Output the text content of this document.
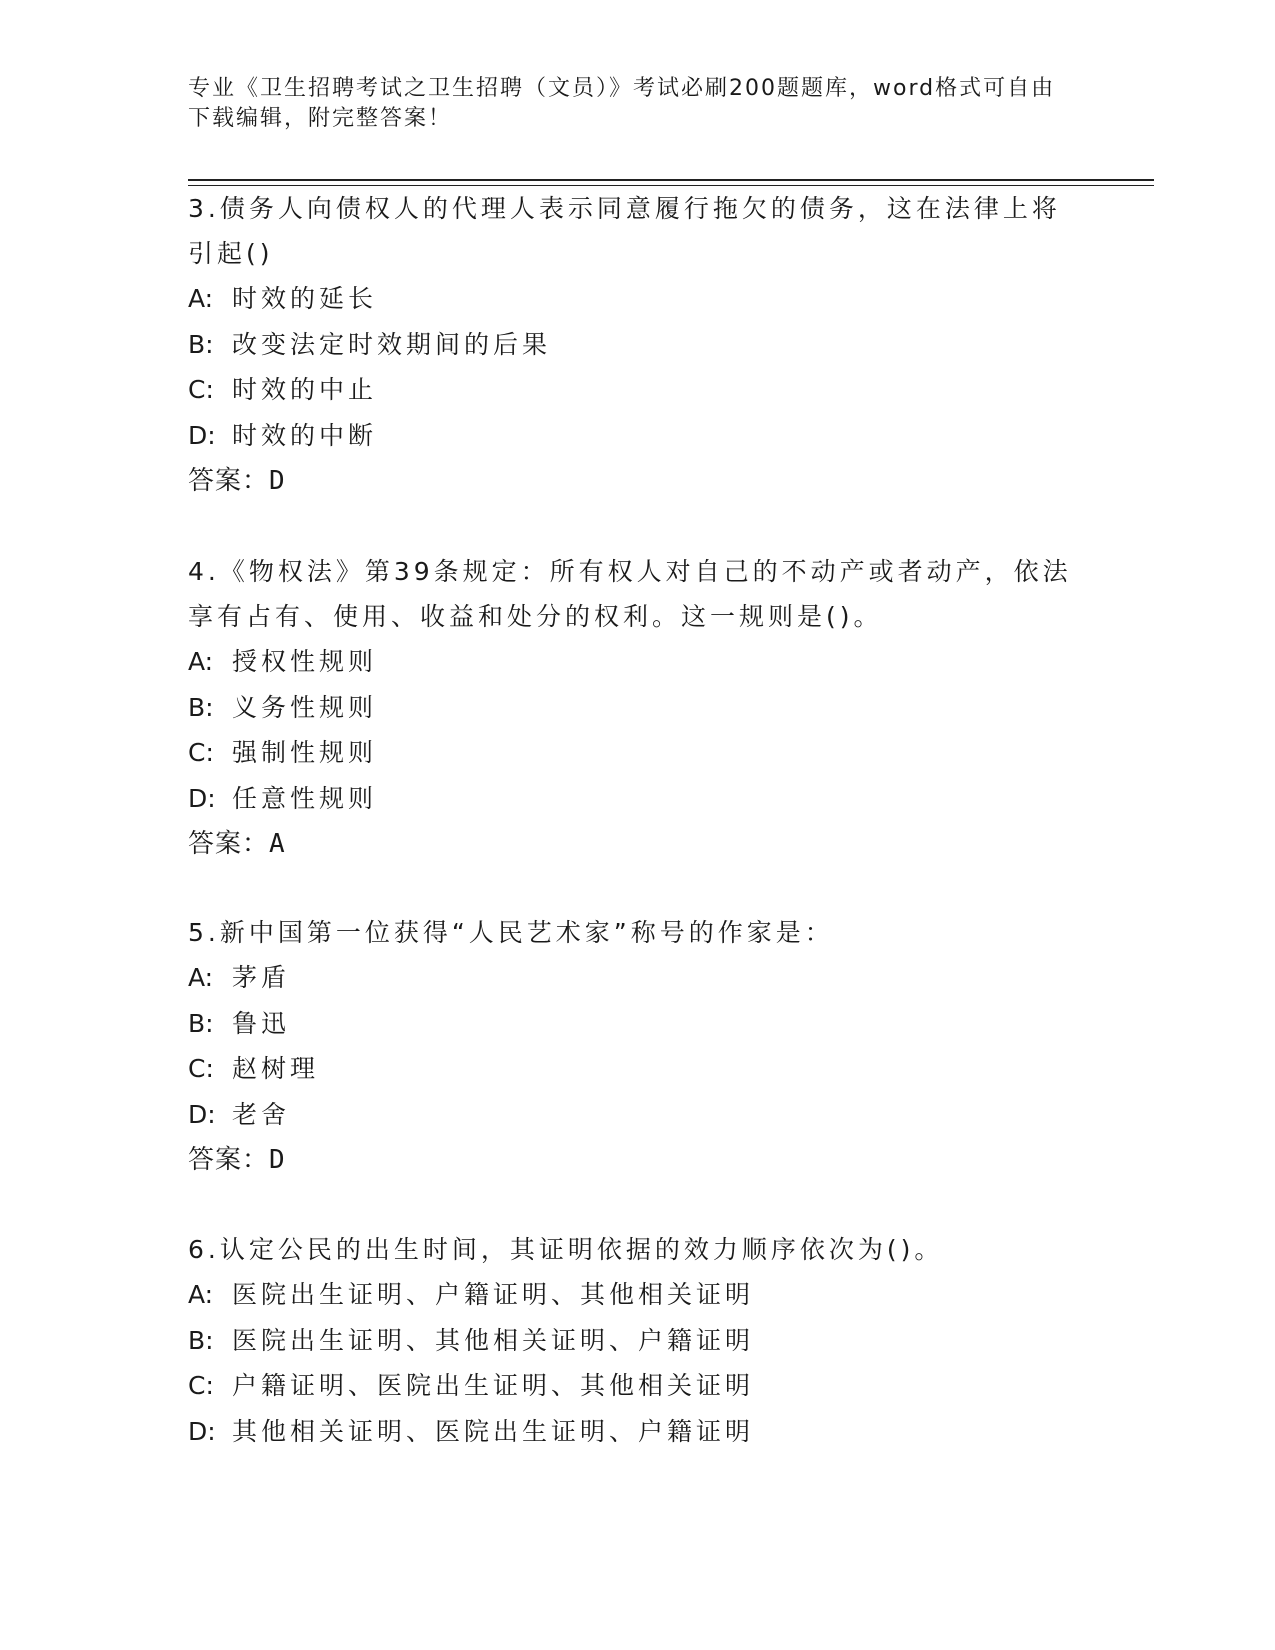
专业《卫生招聘考试之卫生招聘（文员）》考试必刷200题题库，word格式可自由下载编辑，附完整答案！

3.债务人向债权人的代理人表示同意履行拖欠的债务，这在法律上将引起()

A: 时效的延长

B: 改变法定时效期间的后果

C: 时效的中止

D: 时效的中断

答案：D

4.《物权法》第39条规定：所有权人对自己的不动产或者动产，依法享有占有、使用、收益和处分的权利。这一规则是()。

A: 授权性规则

B: 义务性规则

C: 强制性规则

D: 任意性规则

答案：A

5.新中国第一位获得“人民艺术家”称号的作家是：

A: 茅盾

B: 鲁迅

C: 赵树理

D: 老舍

答案：D

6.认定公民的出生时间，其证明依据的效力顺序依次为()。

A: 医院出生证明、户籍证明、其他相关证明

B: 医院出生证明、其他相关证明、户籍证明

C: 户籍证明、医院出生证明、其他相关证明

D: 其他相关证明、医院出生证明、户籍证明
